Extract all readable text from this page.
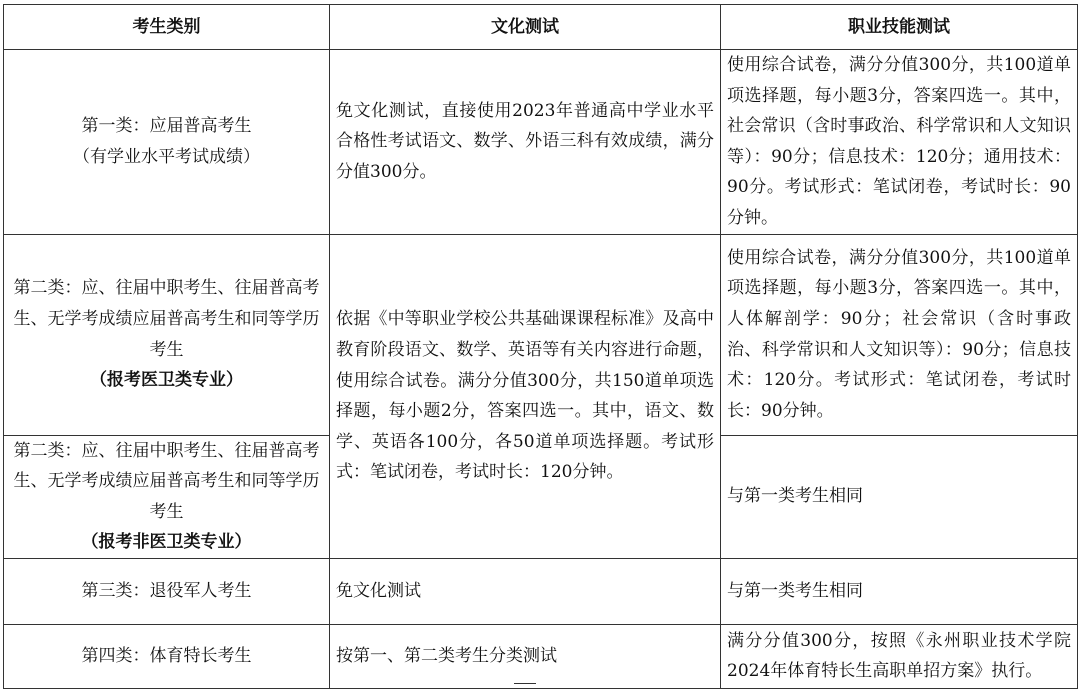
考生类别	文化测试	职业技能测试

第一类：应届普高考生
（有学业水平考试成绩）	免文化测试，直接使用2023年普通高中学业水平合格性考试语文、数学、外语三科有效成绩，满分分值300分。	使用综合试卷，满分分值300分，共100道单项选择题，每小题3分，答案四选一。其中，社会常识（含时事政治、科学常识和人文知识等）：90分；信息技术：120分；通用技术：90分。考试形式：笔试闭卷，考试时长：90分钟。
第二类：应、往届中职考生、往届普高考生、无学考成绩应届普高考生和同等学历考生
（报考医卫类专业）	依据《中等职业学校公共基础课课程标准》及高中教育阶段语文、数学、英语等有关内容进行命题，使用综合试卷。满分分值300分，共150道单项选择题，每小题2分，答案四选一。其中，语文、数学、英语各100分，各50道单项选择题。考试形式：笔试闭卷，考试时长：120分钟。	使用综合试卷，满分分值300分，共100道单项选择题，每小题3分，答案四选一。其中，人体解剖学：90分；社会常识（含时事政治、科学常识和人文知识等）：90分；信息技术：120分。考试形式：笔试闭卷，考试时长：90分钟。
第二类：应、往届中职考生、往届普高考生、无学考成绩应届普高考生和同等学历考生
（报考非医卫类专业）		与第一类考生相同
第三类：退役军人考生	免文化测试	与第一类考生相同
第四类：体育特长考生	按第一、第二类考生分类测试	满分分值300分，按照《永州职业技术学院2024年体育特长生高职单招方案》执行。
